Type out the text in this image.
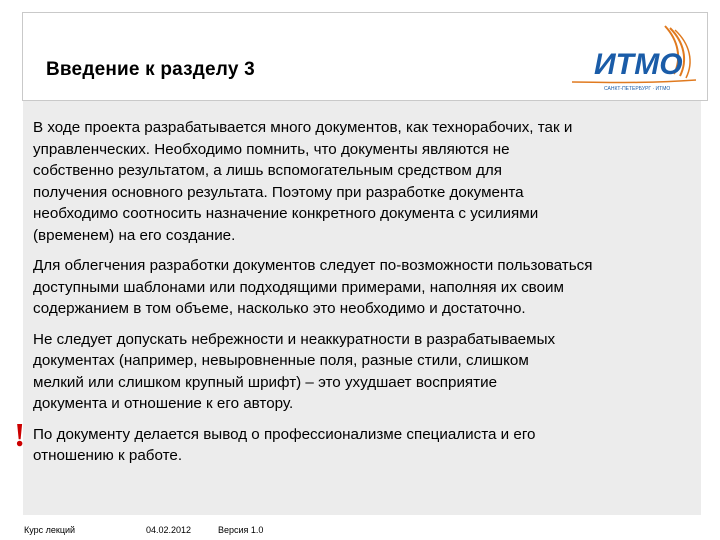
Введение к разделу 3	ИТМО
САНКТ-ПЕТЕРБУРГ · ИТМО
В ходе проекта разрабатывается много документов, как технорабочих, так и
управленческих. Необходимо помнить, что документы являются не
собственно результатом, а лишь вспомогательным средством для
получения основного результата. Поэтому при разработке документа
необходимо соотносить назначение конкретного документа с усилиями
(временем) на его создание.
Для облегчения разработки документов следует по-возможности пользоваться
доступными шаблонами или подходящими примерами, наполняя их своим
содержанием в том объеме, насколько это необходимо и достаточно.
Не следует допускать небрежности и неаккуратности в разрабатываемых
документах (например, невыровненные поля, разные стили, слишком
мелкий или слишком крупный шрифт) – это ухудшает восприятие
документа и отношение к его автору.
По документу делается вывод о профессионализме специалиста и его
отношению к работе.
!
Курс лекций	04.02.2012	Версия 1.0
